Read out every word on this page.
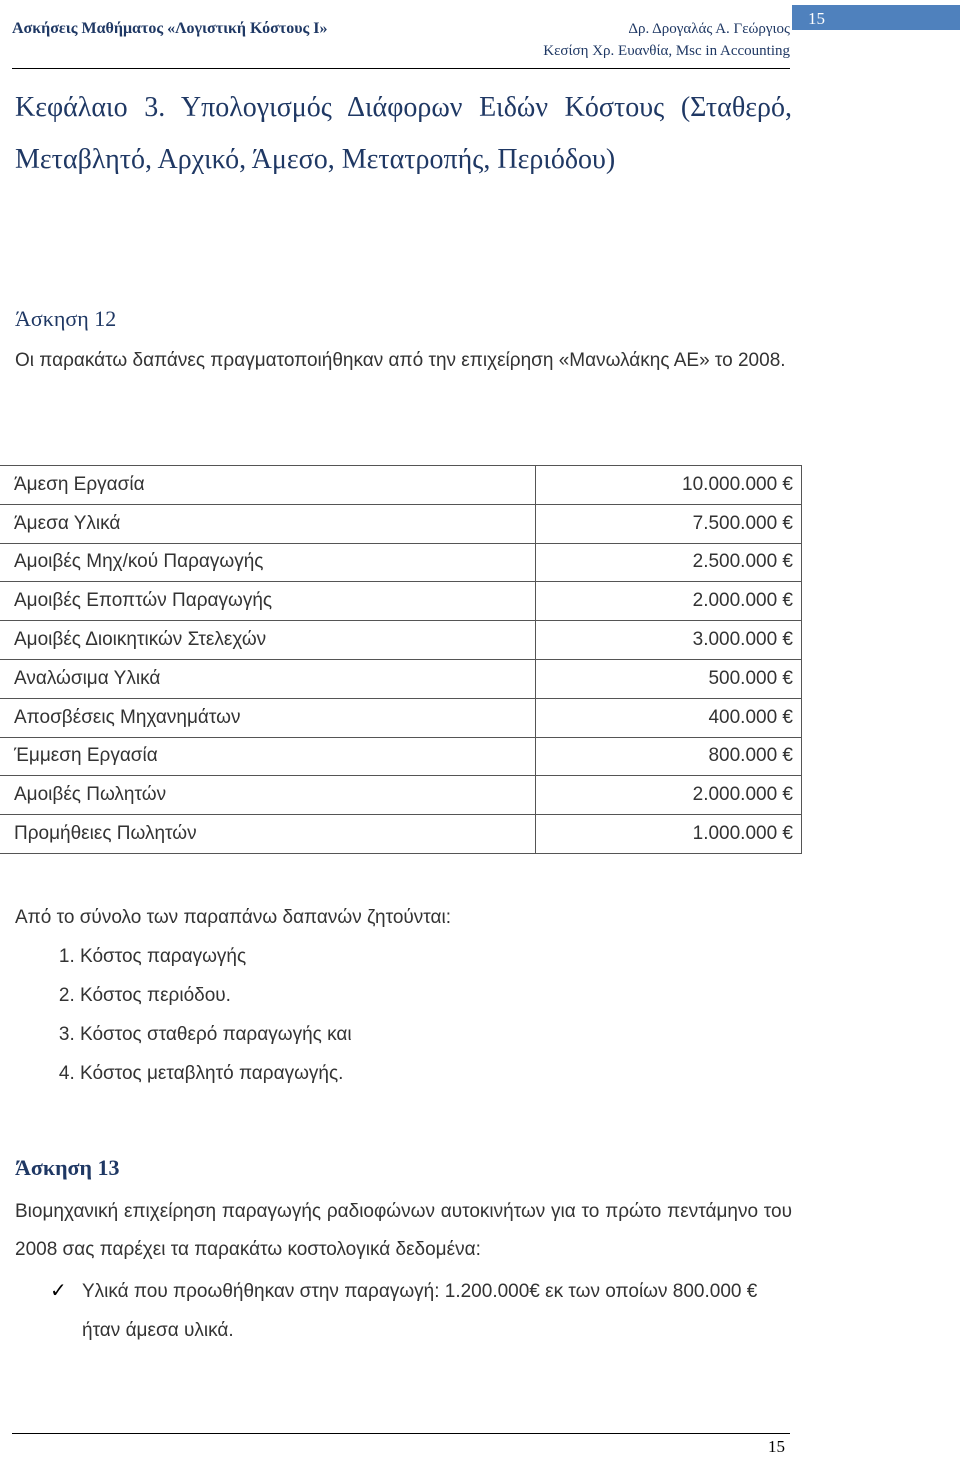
Ασκήσεις Μαθήματος «Λογιστική Κόστους Ι»	Δρ. Δρογαλάς Α. Γεώργιος
Κεσίση Χρ. Ευανθία, Msc in Accounting
15
Κεφάλαιο 3. Υπολογισμός Διάφορων Ειδών Κόστους (Σταθερό, Μεταβλητό, Αρχικό, Άμεσο, Μετατροπής, Περιόδου)
Άσκηση 12
Οι παρακάτω δαπάνες πραγματοποιήθηκαν από την επιχείρηση «Μανωλάκης ΑΕ» το 2008.
Άμεση Εργασία	10.000.000 €
Άμεσα Υλικά	7.500.000 €
Αμοιβές Μηχ/κού Παραγωγής	2.500.000 €
Αμοιβές Εποπτών Παραγωγής	2.000.000 €
Αμοιβές Διοικητικών Στελεχών	3.000.000 €
Αναλώσιμα Υλικά	500.000 €
Αποσβέσεις Μηχανημάτων	400.000 €
Έμμεση Εργασία	800.000 €
Αμοιβές Πωλητών	2.000.000 €
Προμήθειες Πωλητών	1.000.000 €
Από το σύνολο των παραπάνω δαπανών ζητούνται:
1. Κόστος παραγωγής
2. Κόστος περιόδου.
3. Κόστος σταθερό παραγωγής και
4. Κόστος μεταβλητό παραγωγής.
Άσκηση 13
Βιομηχανική επιχείρηση παραγωγής ραδιοφώνων αυτοκινήτων για το πρώτο πεντάμηνο του 2008 σας παρέχει τα παρακάτω κοστολογικά δεδομένα:
✓ Υλικά που προωθήθηκαν στην παραγωγή: 1.200.000€ εκ των οποίων 800.000 € ήταν άμεσα υλικά.
15
